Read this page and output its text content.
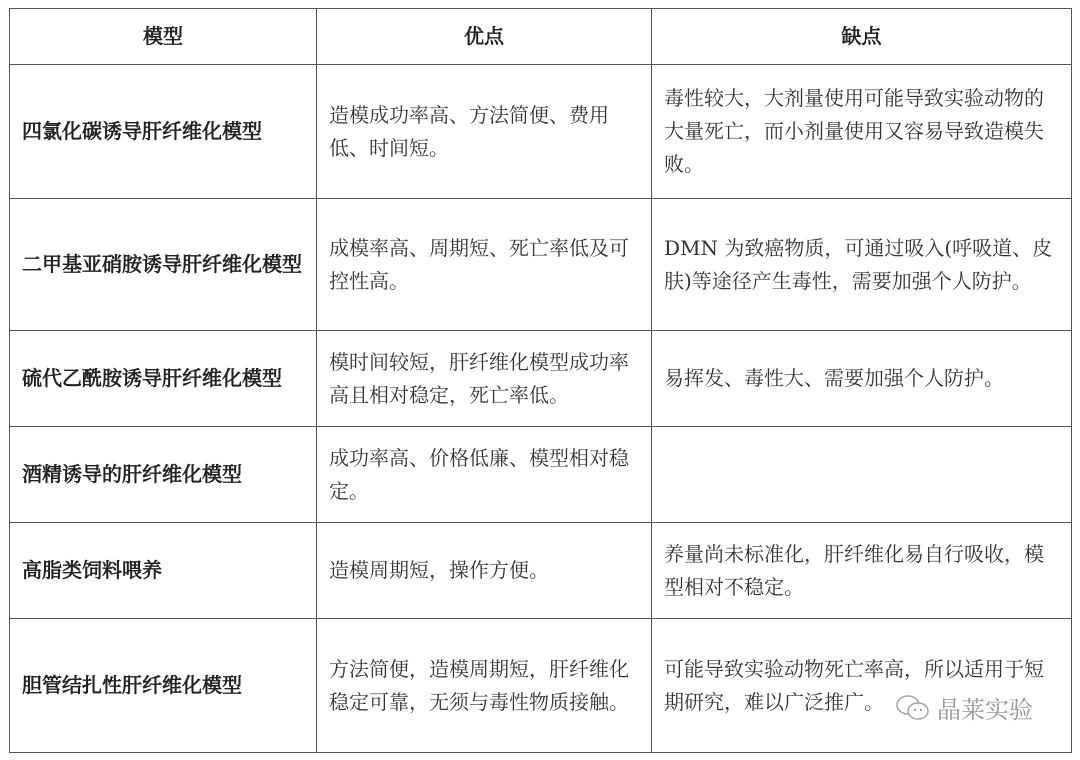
模型	优点	缺点
四氯化碳诱导肝纤维化模型	造模成功率高、方法简便、费用低、时间短。	毒性较大，大剂量使用可能导致实验动物的大量死亡，而小剂量使用又容易导致造模失败。
二甲基亚硝胺诱导肝纤维化模型	成模率高、周期短、死亡率低及可控性高。	DMN 为致癌物质，可通过吸入(呼吸道、皮肤)等途径产生毒性，需要加强个人防护。
硫代乙酰胺诱导肝纤维化模型	模时间较短，肝纤维化模型成功率高且相对稳定，死亡率低。	易挥发、毒性大、需要加强个人防护。
酒精诱导的肝纤维化模型	成功率高、价格低廉、模型相对稳定。	
高脂类饲料喂养	造模周期短，操作方便。	养量尚未标准化，肝纤维化易自行吸收，模型相对不稳定。
胆管结扎性肝纤维化模型	方法简便，造模周期短，肝纤维化稳定可靠，无须与毒性物质接触。	可能导致实验动物死亡率高，所以适用于短期研究，难以广泛推广。 晶莱实验
